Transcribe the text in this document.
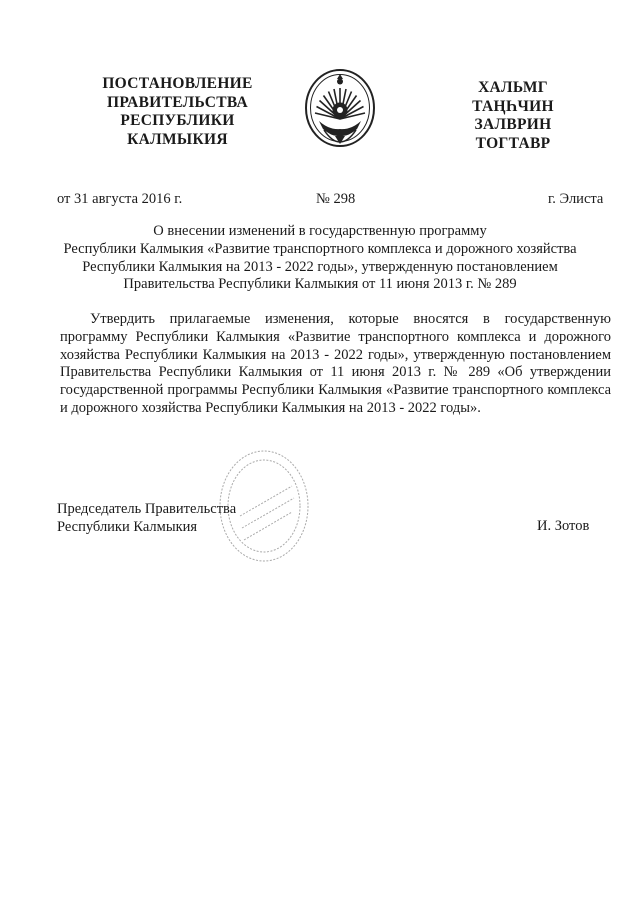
ПОСТАНОВЛЕНИЕ
ПРАВИТЕЛЬСТВА
РЕСПУБЛИКИ
КАЛМЫКИЯ
ХАЛЬМГ
ТАҢҺЧИН
ЗАЛВРИН
ТОГТАВР
от 31 августа 2016 г.	№ 298	г. Элиста
О внесении изменений в государственную программу
Республики Калмыкия «Развитие транспортного комплекса и дорожного хозяйства
Республики Калмыкия на 2013 - 2022 годы», утвержденную постановлением
Правительства Республики Калмыкия от 11 июня 2013 г. № 289
Утвердить прилагаемые изменения, которые вносятся в государственную программу Республики Калмыкия «Развитие транспортного комплекса и дорожного хозяйства Республики Калмыкия на 2013 - 2022 годы», утвержденную постановлением Правительства Республики Калмыкия от 11 июня 2013 г. № 289 «Об утверждении государственной программы Республики Калмыкия «Развитие транспортного комплекса и дорожного хозяйства Республики Калмыкия на 2013 - 2022 годы».
Председатель Правительства
Республики Калмыкия	И. Зотов
